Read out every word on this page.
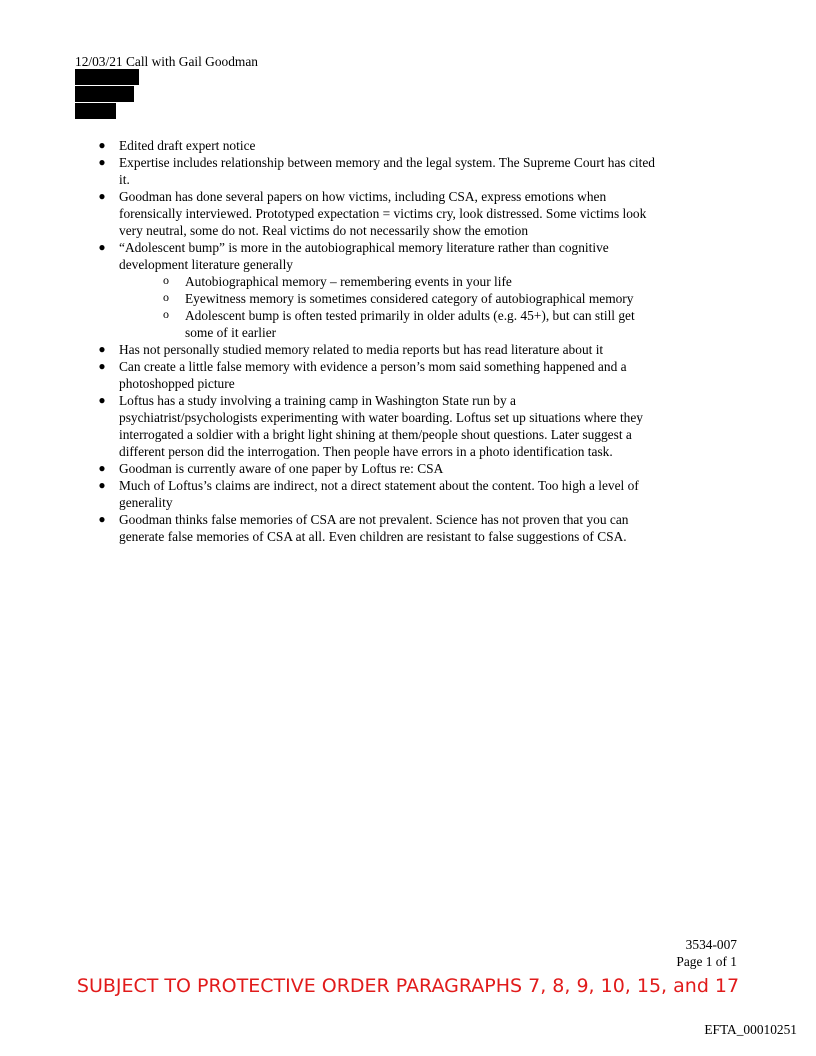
12/03/21 Call with Gail Goodman
● Edited draft expert notice
● Expertise includes relationship between memory and the legal system. The Supreme Court has cited it.
● Goodman has done several papers on how victims, including CSA, express emotions when forensically interviewed. Prototyped expectation = victims cry, look distressed. Some victims look very neutral, some do not. Real victims do not necessarily show the emotion
● “Adolescent bump” is more in the autobiographical memory literature rather than cognitive development literature generally
o Autobiographical memory – remembering events in your life
o Eyewitness memory is sometimes considered category of autobiographical memory
o Adolescent bump is often tested primarily in older adults (e.g. 45+), but can still get some of it earlier
● Has not personally studied memory related to media reports but has read literature about it
● Can create a little false memory with evidence a person’s mom said something happened and a photoshopped picture
● Loftus has a study involving a training camp in Washington State run by a psychiatrist/psychologists experimenting with water boarding. Loftus set up situations where they interrogated a soldier with a bright light shining at them/people shout questions. Later suggest a different person did the interrogation. Then people have errors in a photo identification task.
● Goodman is currently aware of one paper by Loftus re: CSA
● Much of Loftus’s claims are indirect, not a direct statement about the content. Too high a level of generality
● Goodman thinks false memories of CSA are not prevalent. Science has not proven that you can generate false memories of CSA at all. Even children are resistant to false suggestions of CSA.
3534-007
Page 1 of 1
SUBJECT TO PROTECTIVE ORDER PARAGRAPHS 7, 8, 9, 10, 15, and 17
EFTA_00010251
